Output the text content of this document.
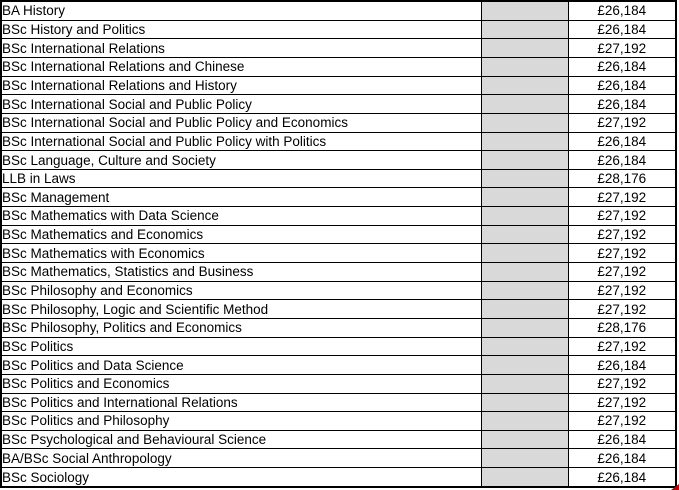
BA History		£26,184
BSc History and Politics		£26,184
BSc International Relations		£27,192
BSc International Relations and Chinese		£26,184
BSc International Relations and History		£26,184
BSc International Social and Public Policy		£26,184
BSc International Social and Public Policy and Economics		£27,192
BSc International Social and Public Policy with Politics		£26,184
BSc Language, Culture and Society		£26,184
LLB in Laws		£28,176
BSc Management		£27,192
BSc Mathematics with Data Science		£27,192
BSc Mathematics and Economics		£27,192
BSc Mathematics with Economics		£27,192
BSc Mathematics, Statistics and Business		£27,192
BSc Philosophy and Economics		£27,192
BSc Philosophy, Logic and Scientific Method		£27,192
BSc Philosophy, Politics and Economics		£28,176
BSc Politics		£27,192
BSc Politics and Data Science		£26,184
BSc Politics and Economics		£27,192
BSc Politics and International Relations		£27,192
BSc Politics and Philosophy		£27,192
BSc Psychological and Behavioural Science		£26,184
BA/BSc Social Anthropology		£26,184
BSc Sociology		£26,184
